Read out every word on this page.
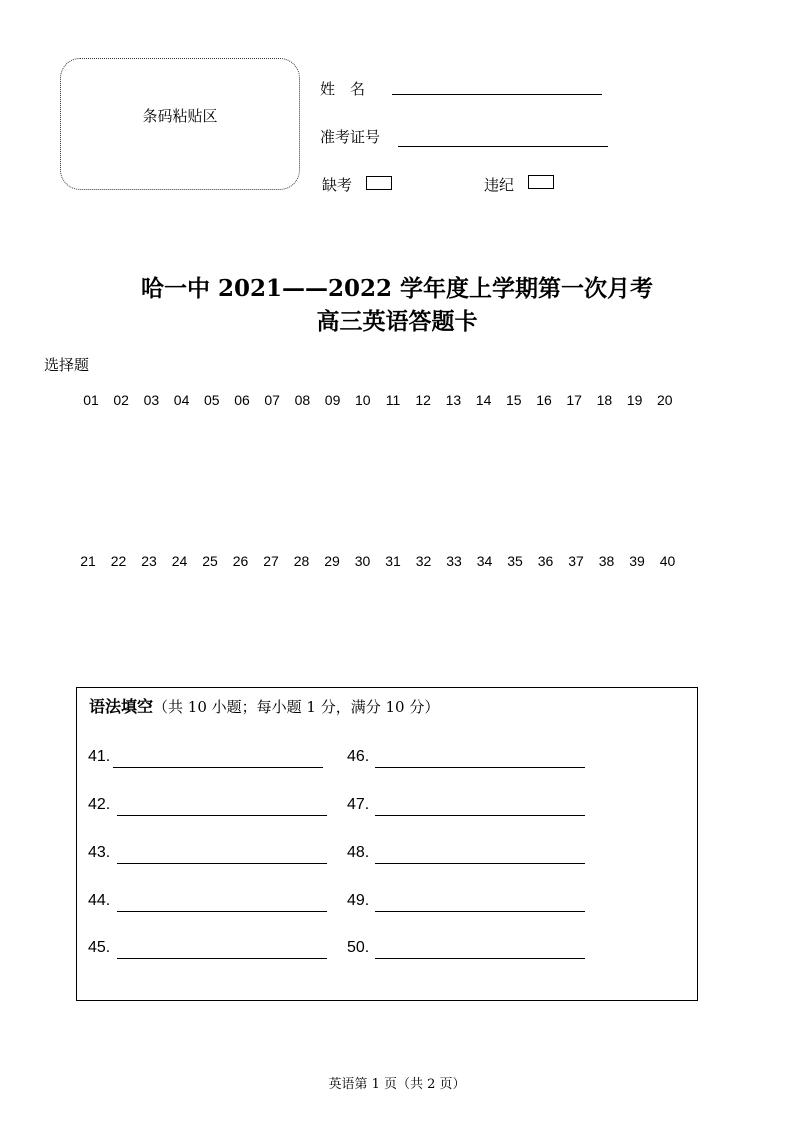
条码粘贴区
姓　名
准考证号
缺考	违纪
哈一中 2021——2022 学年度上学期第一次月考
高三英语答题卡
选择题
01 02 03 04 05 06 07 08 09 10 11 12 13 14 15 16 17 18 19 20
21 22 23 24 25 26 27 28 29 30 31 32 33 34 35 36 37 38 39 40
语法填空（共 10 小题；每小题 1 分，满分 10 分）
41.
42.
43.
44.
45.
46.
47.
48.
49.
50.
英语第 1 页（共 2 页）
